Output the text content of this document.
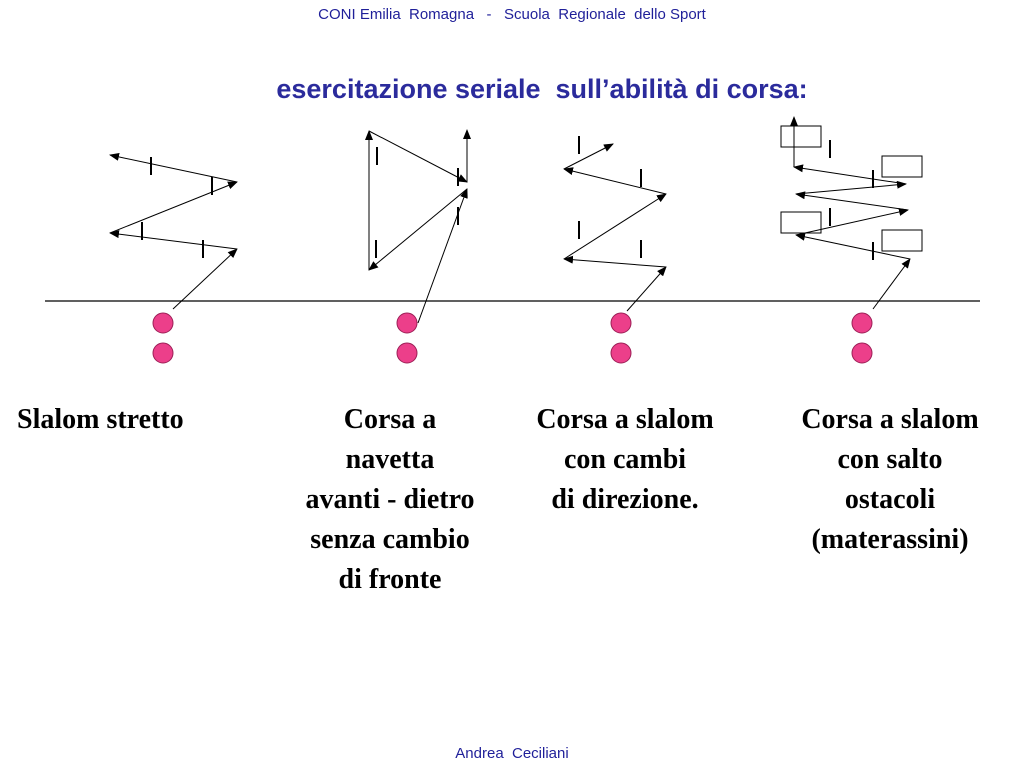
CONI Emilia  Romagna   -   Scuola  Regionale  dello Sport
esercitazione seriale  sull’abilità di corsa:
Slalom stretto	Corsa a
navetta
avanti - dietro
senza cambio
di fronte
Corsa a slalom
con cambi
di direzione.
Corsa a slalom
con salto
ostacoli
(materassini)
Andrea  Ceciliani
